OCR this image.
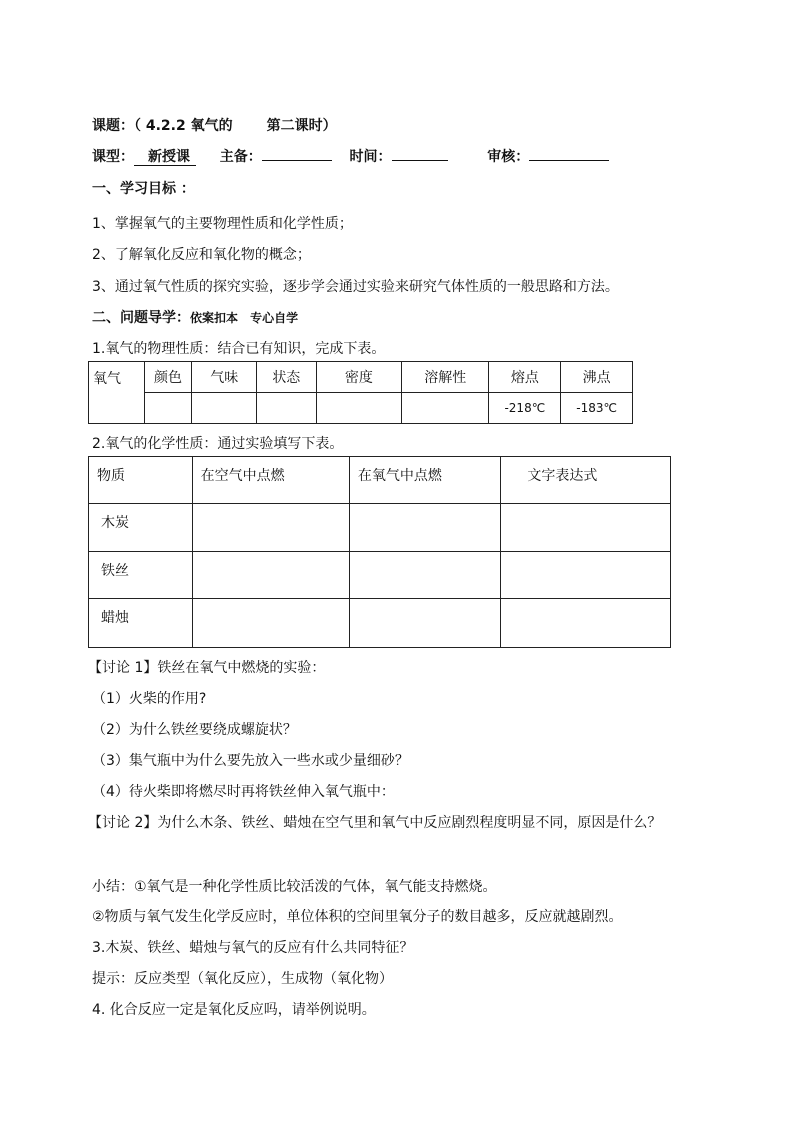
课题：（ 4.2.2 氧气的 第二课时）
课型： 新授课 主备：	时间：	审核：
一、学习目标 ：
1、掌握氧气的主要物理性质和化学性质；
2、了解氧化反应和氧化物的概念；
3、通过氧气性质的探究实验，逐步学会通过实验来研究气体性质的一般思路和方法。
二、问题导学：依案扣本 专心自学
1.氧气的物理性质：结合已有知识，完成下表。
氧气	颜色	气味	状态	密度	溶解性	熔点	沸点
						-218℃	-183℃
2.氧气的化学性质：通过实验填写下表。
物质	在空气中点燃	在氧气中点燃	文字表达式
木炭			
铁丝			
蜡烛			
【讨论 1】铁丝在氧气中燃烧的实验：
（1）火柴的作用?
（2）为什么铁丝要绕成螺旋状？
（3）集气瓶中为什么要先放入一些水或少量细砂？
（4）待火柴即将燃尽时再将铁丝伸入氧气瓶中：
【讨论 2】为什么木条、铁丝、蜡烛在空气里和氧气中反应剧烈程度明显不同，原因是什么？
小结：①氧气是一种化学性质比较活泼的气体，氧气能支持燃烧。
②物质与氧气发生化学反应时，单位体积的空间里氧分子的数目越多，反应就越剧烈。
3.木炭、铁丝、蜡烛与氧气的反应有什么共同特征？
提示：反应类型（氧化反应），生成物（氧化物）
4. 化合反应一定是氧化反应吗，请举例说明。
